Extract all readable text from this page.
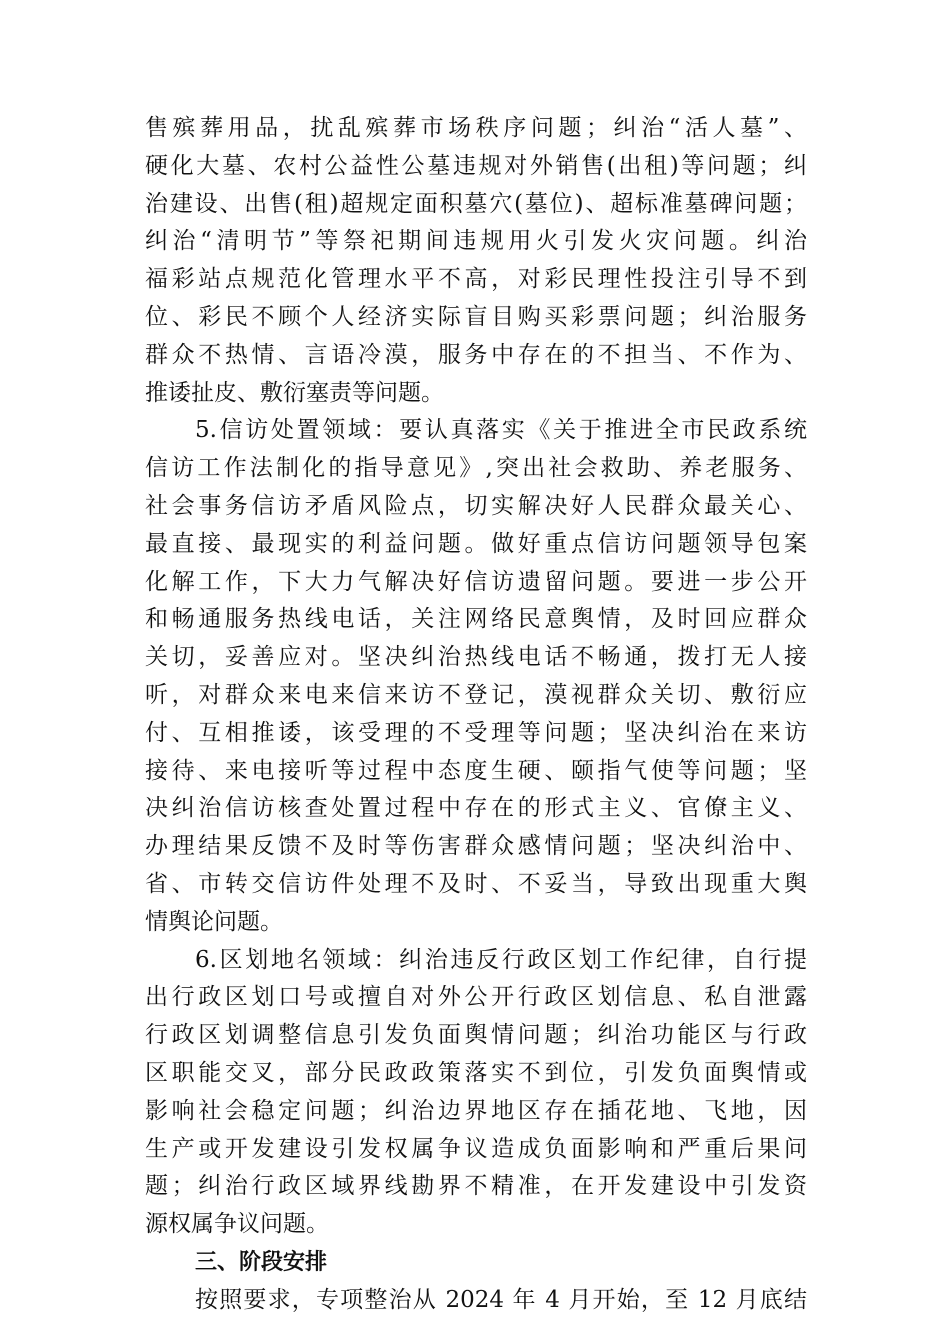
售殡葬用品，扰乱殡葬市场秩序问题；纠治“活人墓”、
硬化大墓、农村公益性公墓违规对外销售(出租)等问题；纠
治建设、出售(租)超规定面积墓穴(墓位)、超标准墓碑问题；
纠治“清明节”等祭祀期间违规用火引发火灾问题。纠治
福彩站点规范化管理水平不高，对彩民理性投注引导不到
位、彩民不顾个人经济实际盲目购买彩票问题；纠治服务
群众不热情、言语冷漠，服务中存在的不担当、不作为、
推诿扯皮、敷衍塞责等问题。
5.信访处置领域：要认真落实《关于推进全市民政系统
信访工作法制化的指导意见》,突出社会救助、养老服务、
社会事务信访矛盾风险点，切实解决好人民群众最关心、
最直接、最现实的利益问题。做好重点信访问题领导包案
化解工作，下大力气解决好信访遗留问题。要进一步公开
和畅通服务热线电话，关注网络民意舆情，及时回应群众
关切，妥善应对。坚决纠治热线电话不畅通，拨打无人接
听，对群众来电来信来访不登记，漠视群众关切、敷衍应
付、互相推诿，该受理的不受理等问题；坚决纠治在来访
接待、来电接听等过程中态度生硬、颐指气使等问题；坚
决纠治信访核查处置过程中存在的形式主义、官僚主义、
办理结果反馈不及时等伤害群众感情问题；坚决纠治中、
省、市转交信访件处理不及时、不妥当，导致出现重大舆
情舆论问题。
6.区划地名领域：纠治违反行政区划工作纪律，自行提
出行政区划口号或擅自对外公开行政区划信息、私自泄露
行政区划调整信息引发负面舆情问题；纠治功能区与行政
区职能交叉，部分民政政策落实不到位，引发负面舆情或
影响社会稳定问题；纠治边界地区存在插花地、飞地，因
生产或开发建设引发权属争议造成负面影响和严重后果问
题；纠治行政区域界线勘界不精准，在开发建设中引发资
源权属争议问题。
三、阶段安排
按照要求，专项整治从 2024 年 4 月开始，至 12 月底结
